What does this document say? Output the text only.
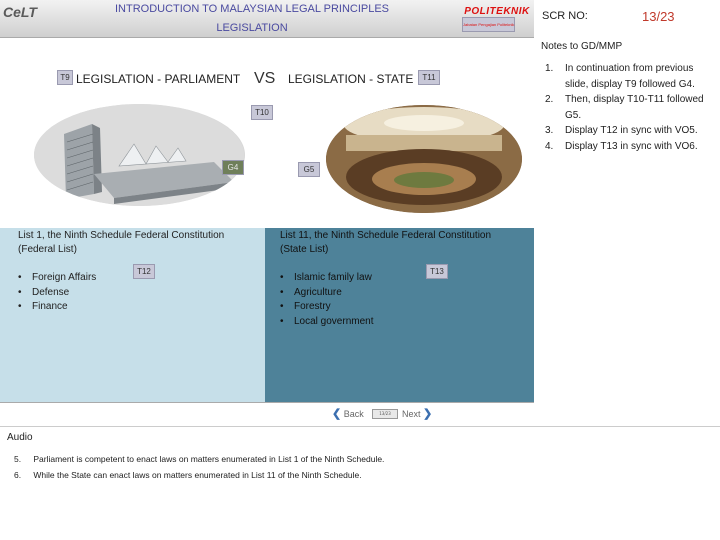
CeLT	INTRODUCTION TO MALAYSIAN LEGAL PRINCIPLES
LEGISLATION
POLITEKNIK
Jabatan Pengajian Politeknik
T9 LEGISLATION - PARLIAMENT VS LEGISLATION - STATE	T11
T10
G4	G5
List 1, the Ninth Schedule Federal Constitution
(Federal List)
T12
• Foreign Affairs
• Defense
• Finance
List 11, the Ninth Schedule Federal Constitution
(State List)
T13
• Islamic family law
• Agriculture
• Forestry
• Local government
❮ Back	13/23	Next ❯
SCR NO:	13/23
Notes to GD/MMP
1. In continuation from previous slide, display T9 followed G4.
2. Then, display T10-T11 followed G5.
3. Display T12 in sync with VO5.
4. Display T13 in sync with VO6.
Audio
5. Parliament is competent to enact laws on matters enumerated in List 1 of the Ninth Schedule.
6. While the State can enact laws on matters enumerated in List 11 of the Ninth Schedule.
